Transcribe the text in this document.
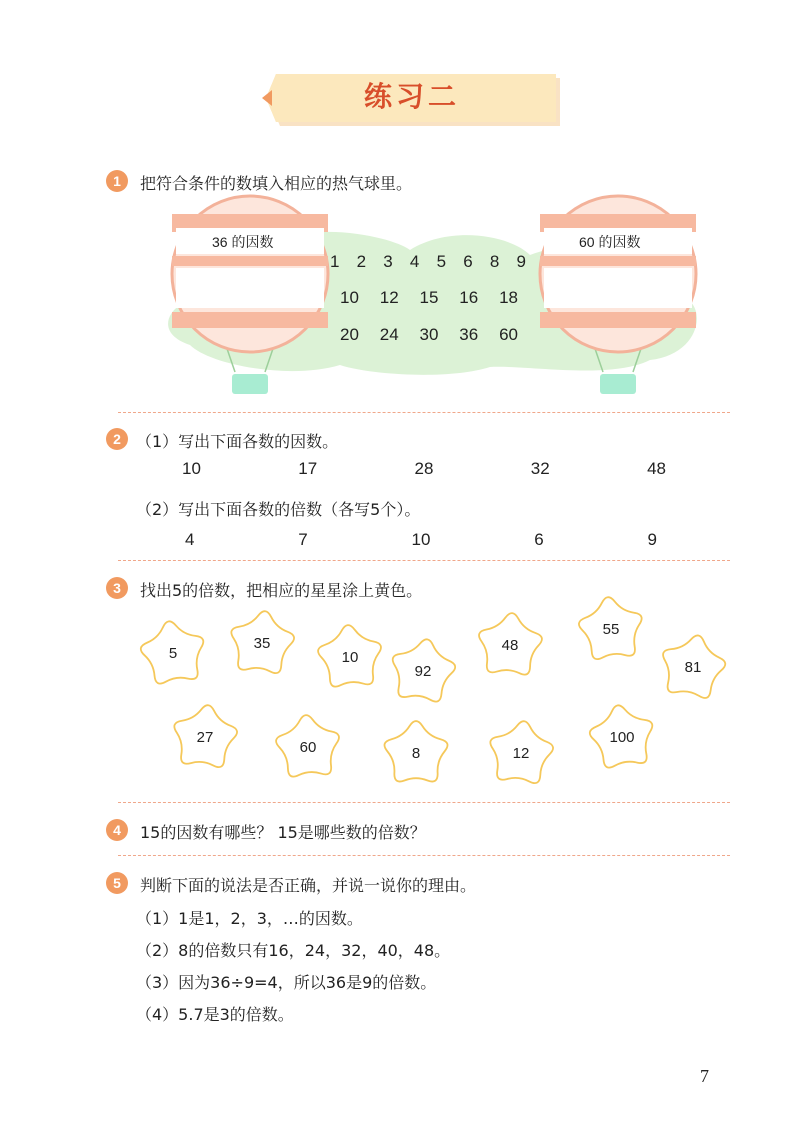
练习二
1	把符合条件的数填入相应的热气球里。
36 的因数	60 的因数
1 2 3 4 5 6 8 9
10 12 15 16 18
20 24 30 36 60
2 （1）写出下面各数的因数。
10	17	28	32	48
（2）写出下面各数的倍数（各写5个）。
4	7	10	6	9
3	找出5的倍数，把相应的星星涂上黄色。
5
35
10
92
48
55
81
27
60	8	12
100
4	15的因数有哪些？ 15是哪些数的倍数？
5	判断下面的说法是否正确，并说一说你的理由。
（1）1是1，2，3，…的因数。
（2）8的倍数只有16，24，32，40，48。
（3）因为36÷9=4，所以36是9的倍数。
（4）5.7是3的倍数。
7
